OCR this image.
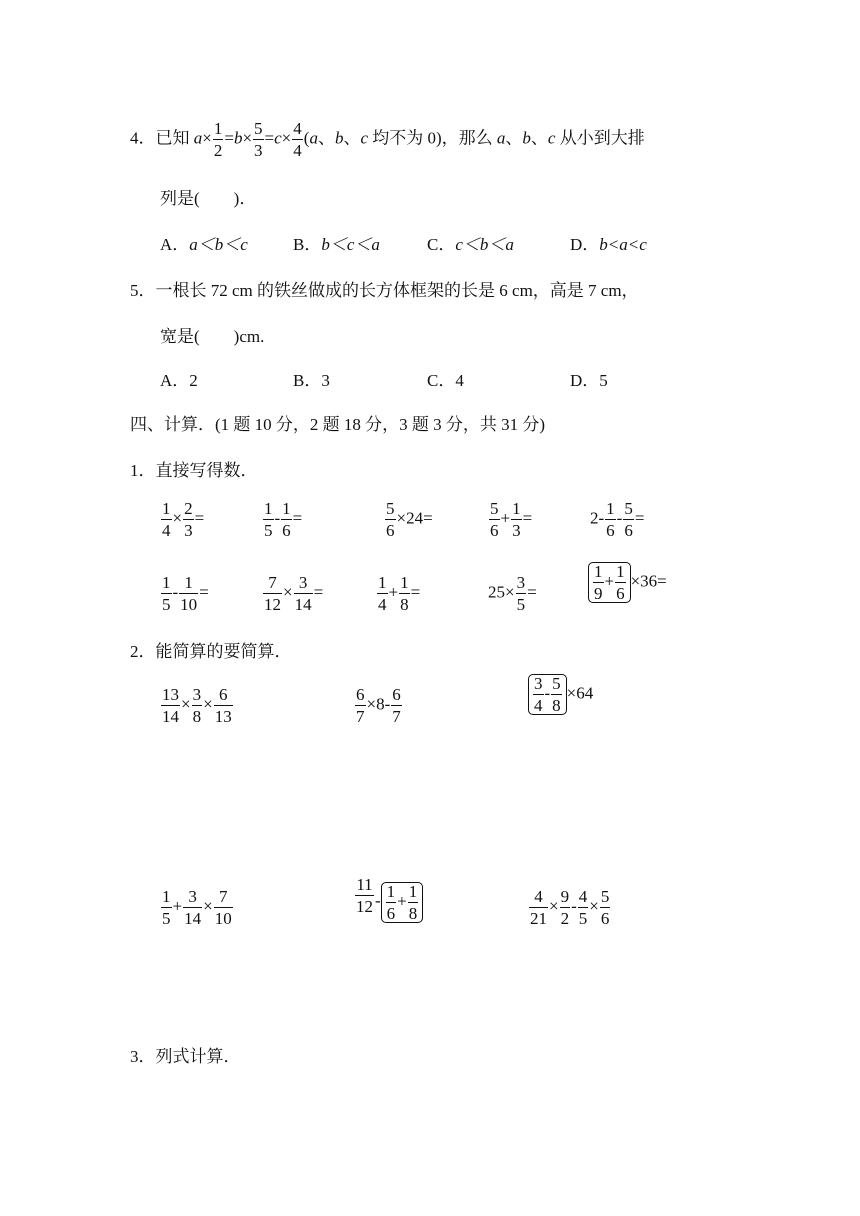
4．已知 $a\times \frac{1}{2} =b\times \frac{5}{3} =c\times \frac{4}{4} (a$、b、c 均不为 0)，那么 a、b、c 从小到大排
列是(　　)．
A．a＜b＜c	B．b＜c＜a	C．c＜b＜a	D．b<a<c
5．一根长 72 cm 的铁丝做成的长方体框架的长是 6 cm，高是 7 cm，
宽是(　　)cm.
A．2	B．3	C．4	D．5
四、计算．(1 题 10 分，2 题 18 分，3 题 3 分，共 31 分)
1．直接写得数．
$\frac{1}{4} \times \frac{2}{3}$ =	$\frac{1}{5} - \frac{1}{6}$ =	$\frac{5}{6} \times 24=$	$\frac{5}{6} + \frac{1}{3}$ =	$2- \frac{1}{6} - \frac{5}{6}$ =
$\frac{1}{5} - \frac{1}{10}$ =	$\frac{7}{12} \times \frac{3}{14}$ =	$\frac{1}{4} + \frac{1}{8}$ =	$25\times \frac{3}{5}$ =	$\frac{1}{9} + \frac{1}{6} \times 36=$
2．能简算的要简算．
$\frac{13}{14} \times \frac{3}{8} \times \frac{6}{13}$	$\frac{6}{7} \times 8- \frac{6}{7}$	$\frac{3}{4} - \frac{5}{8} \times 64$
$\frac{1}{5} + \frac{3}{14} \times \frac{7}{10}$	$\frac{11}{12} - \frac{1}{6} + \frac{1}{8}$	$\frac{4}{21} \times \frac{9}{2} - \frac{4}{5} \times \frac{5}{6}$
3．列式计算．
